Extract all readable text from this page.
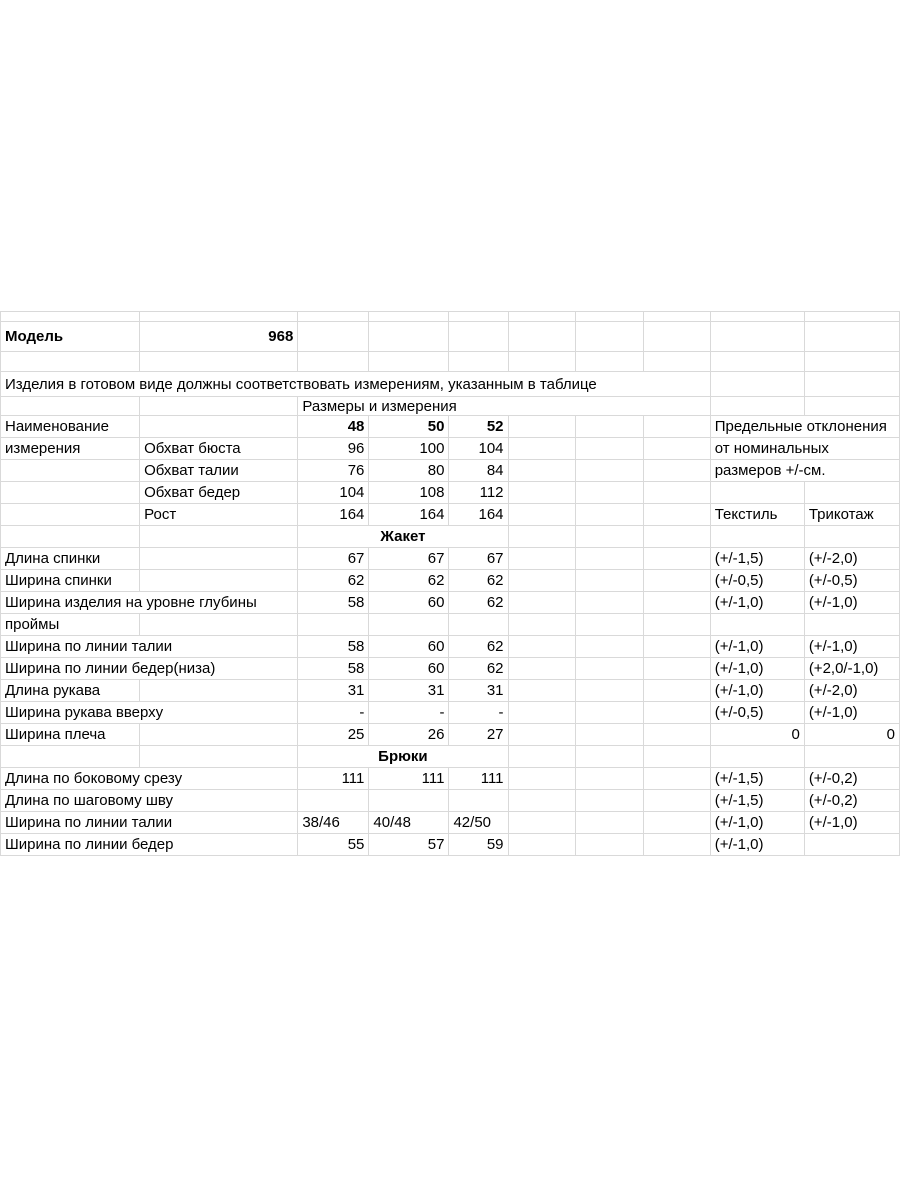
Модель	968								

Изделия в готовом виде должны соответствовать измерениям, указанным в таблице									
		Размеры и измерения							
Наименование		48	50	52				Предельные отклонения	
измерения	Обхват бюста	96	100	104				от номинальных	
	Обхват талии	76	80	84				размеров +/-см.	
	Обхват бедер	104	108	112					
	Рост	164	164	164				Текстиль	Трикотаж
		Жакет							
Длина спинки		67	67	67				(+/-1,5)	(+/-2,0)
Ширина спинки		62	62	62				(+/-0,5)	(+/-0,5)
Ширина изделия на уровне глубины		58	60	62				(+/-1,0)	(+/-1,0)
проймы									
Ширина по линии талии		58	60	62				(+/-1,0)	(+/-1,0)
Ширина по линии бедер(низа)		58	60	62				(+/-1,0)	(+2,0/-1,0)
Длина рукава		31	31	31				(+/-1,0)	(+/-2,0)
Ширина рукава вверху		-	-	-				(+/-0,5)	(+/-1,0)
Ширина плеча		25	26	27				0	0
		Брюки							
Длина по боковому срезу		111	111	111				(+/-1,5)	(+/-0,2)
Длина по шаговому шву								(+/-1,5)	(+/-0,2)
Ширина по линии талии		38/46	40/48	42/50				(+/-1,0)	(+/-1,0)
Ширина по линии бедер		55	57	59				(+/-1,0)	
